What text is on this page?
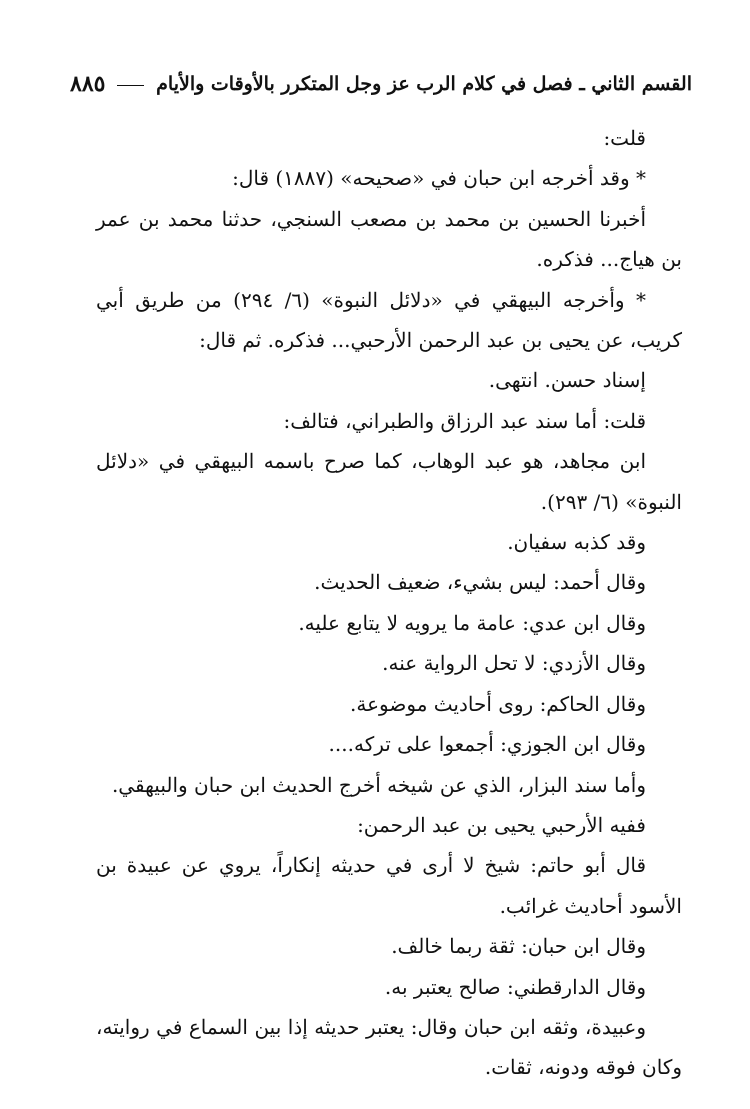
القسم الثاني ـ فصل في كلام الرب عز وجل المتكرر بالأوقات والأيام
٨٨٥

قلت:

* وقد أخرجه ابن حبان في «صحيحه» (١٨٨٧) قال:

أخبرنا الحسين بن محمد بن مصعب السنجي، حدثنا محمد بن عمر بن هياج... فذكره.

* وأخرجه البيهقي في «دلائل النبوة» (٦/ ٢٩٤) من طريق أبي كريب، عن يحيى بن عبد الرحمن الأرحبي... فذكره. ثم قال:

إسناد حسن. انتهى.

قلت: أما سند عبد الرزاق والطبراني، فتالف:

ابن مجاهد، هو عبد الوهاب، كما صرح باسمه البيهقي في «دلائل النبوة» (٦/ ٢٩٣).

وقد كذبه سفيان.

وقال أحمد: ليس بشيء، ضعيف الحديث.

وقال ابن عدي: عامة ما يرويه لا يتابع عليه.

وقال الأزدي: لا تحل الرواية عنه.

وقال الحاكم: روى أحاديث موضوعة.

وقال ابن الجوزي: أجمعوا على تركه....

وأما سند البزار، الذي عن شيخه أخرج الحديث ابن حبان والبيهقي.

ففيه الأرحبي يحيى بن عبد الرحمن:

قال أبو حاتم: شيخ لا أرى في حديثه إنكاراً، يروي عن عبيدة بن الأسود أحاديث غرائب.

وقال ابن حبان: ثقة ربما خالف.

وقال الدارقطني: صالح يعتبر به.

وعبيدة، وثقه ابن حبان وقال: يعتبر حديثه إذا بين السماع في روايته، وكان فوقه ودونه، ثقات.
